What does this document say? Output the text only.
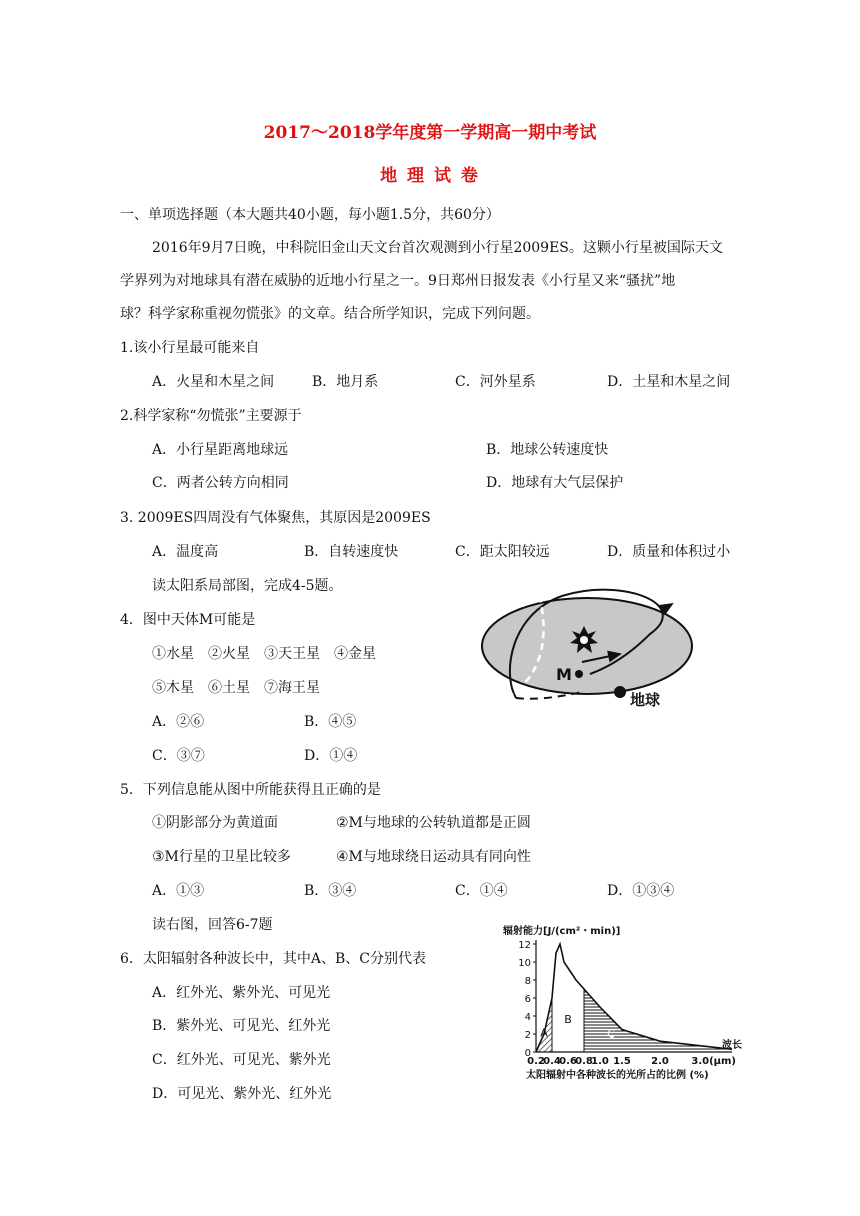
2017～2018学年度第一学期高一期中考试
地 理 试 卷
一、单项选择题（本大题共40小题，每小题1.5分，共60分）
2016年9月7日晚，中科院旧金山天文台首次观测到小行星2009ES。这颗小行星被国际天文
学界列为对地球具有潜在威胁的近地小行星之一。9日郑州日报发表《小行星又来“骚扰”地
球？科学家称重视勿慌张》的文章。结合所学知识，完成下列问题。
1.该小行星最可能来自
A．火星和木星之间	B．地月系	C．河外星系	D．土星和木星之间
2.科学家称“勿慌张”主要源于
A．小行星距离地球远	B．地球公转速度快
C．两者公转方向相同	D．地球有大气层保护
3. 2009ES四周没有气体聚焦，其原因是2009ES
A．温度高	B．自转速度快	C．距太阳较远	D．质量和体积过小
读太阳系局部图，完成4-5题。
4．图中天体M可能是
①水星　②火星　③天王星　④金星
⑤木星　⑥土星　⑦海王星
A．②⑥	B．④⑤
C．③⑦	D．①④
M
地球
5．下列信息能从图中所能获得且正确的是
①阴影部分为黄道面	②M与地球的公转轨道都是正圆
③M行星的卫星比较多	④M与地球绕日运动具有同向性
A．①③	B．③④	C．①④	D．①③④
读右图，回答6-7题
6．太阳辐射各种波长中，其中A、B、C分别代表
A．红外光、紫外光、可见光
B．紫外光、可见光、红外光
C．红外光、可见光、紫外光
D．可见光、紫外光、红外光
辐射能力[J/(cm²・min)]
12
10
8
6
4
2
0
0.2
0.4
0.6
0.8
1.0 1.5 2.0 3.0(μm)
A
B
C
波长
太阳辐射中各种波长的光所占的比例 (%)
